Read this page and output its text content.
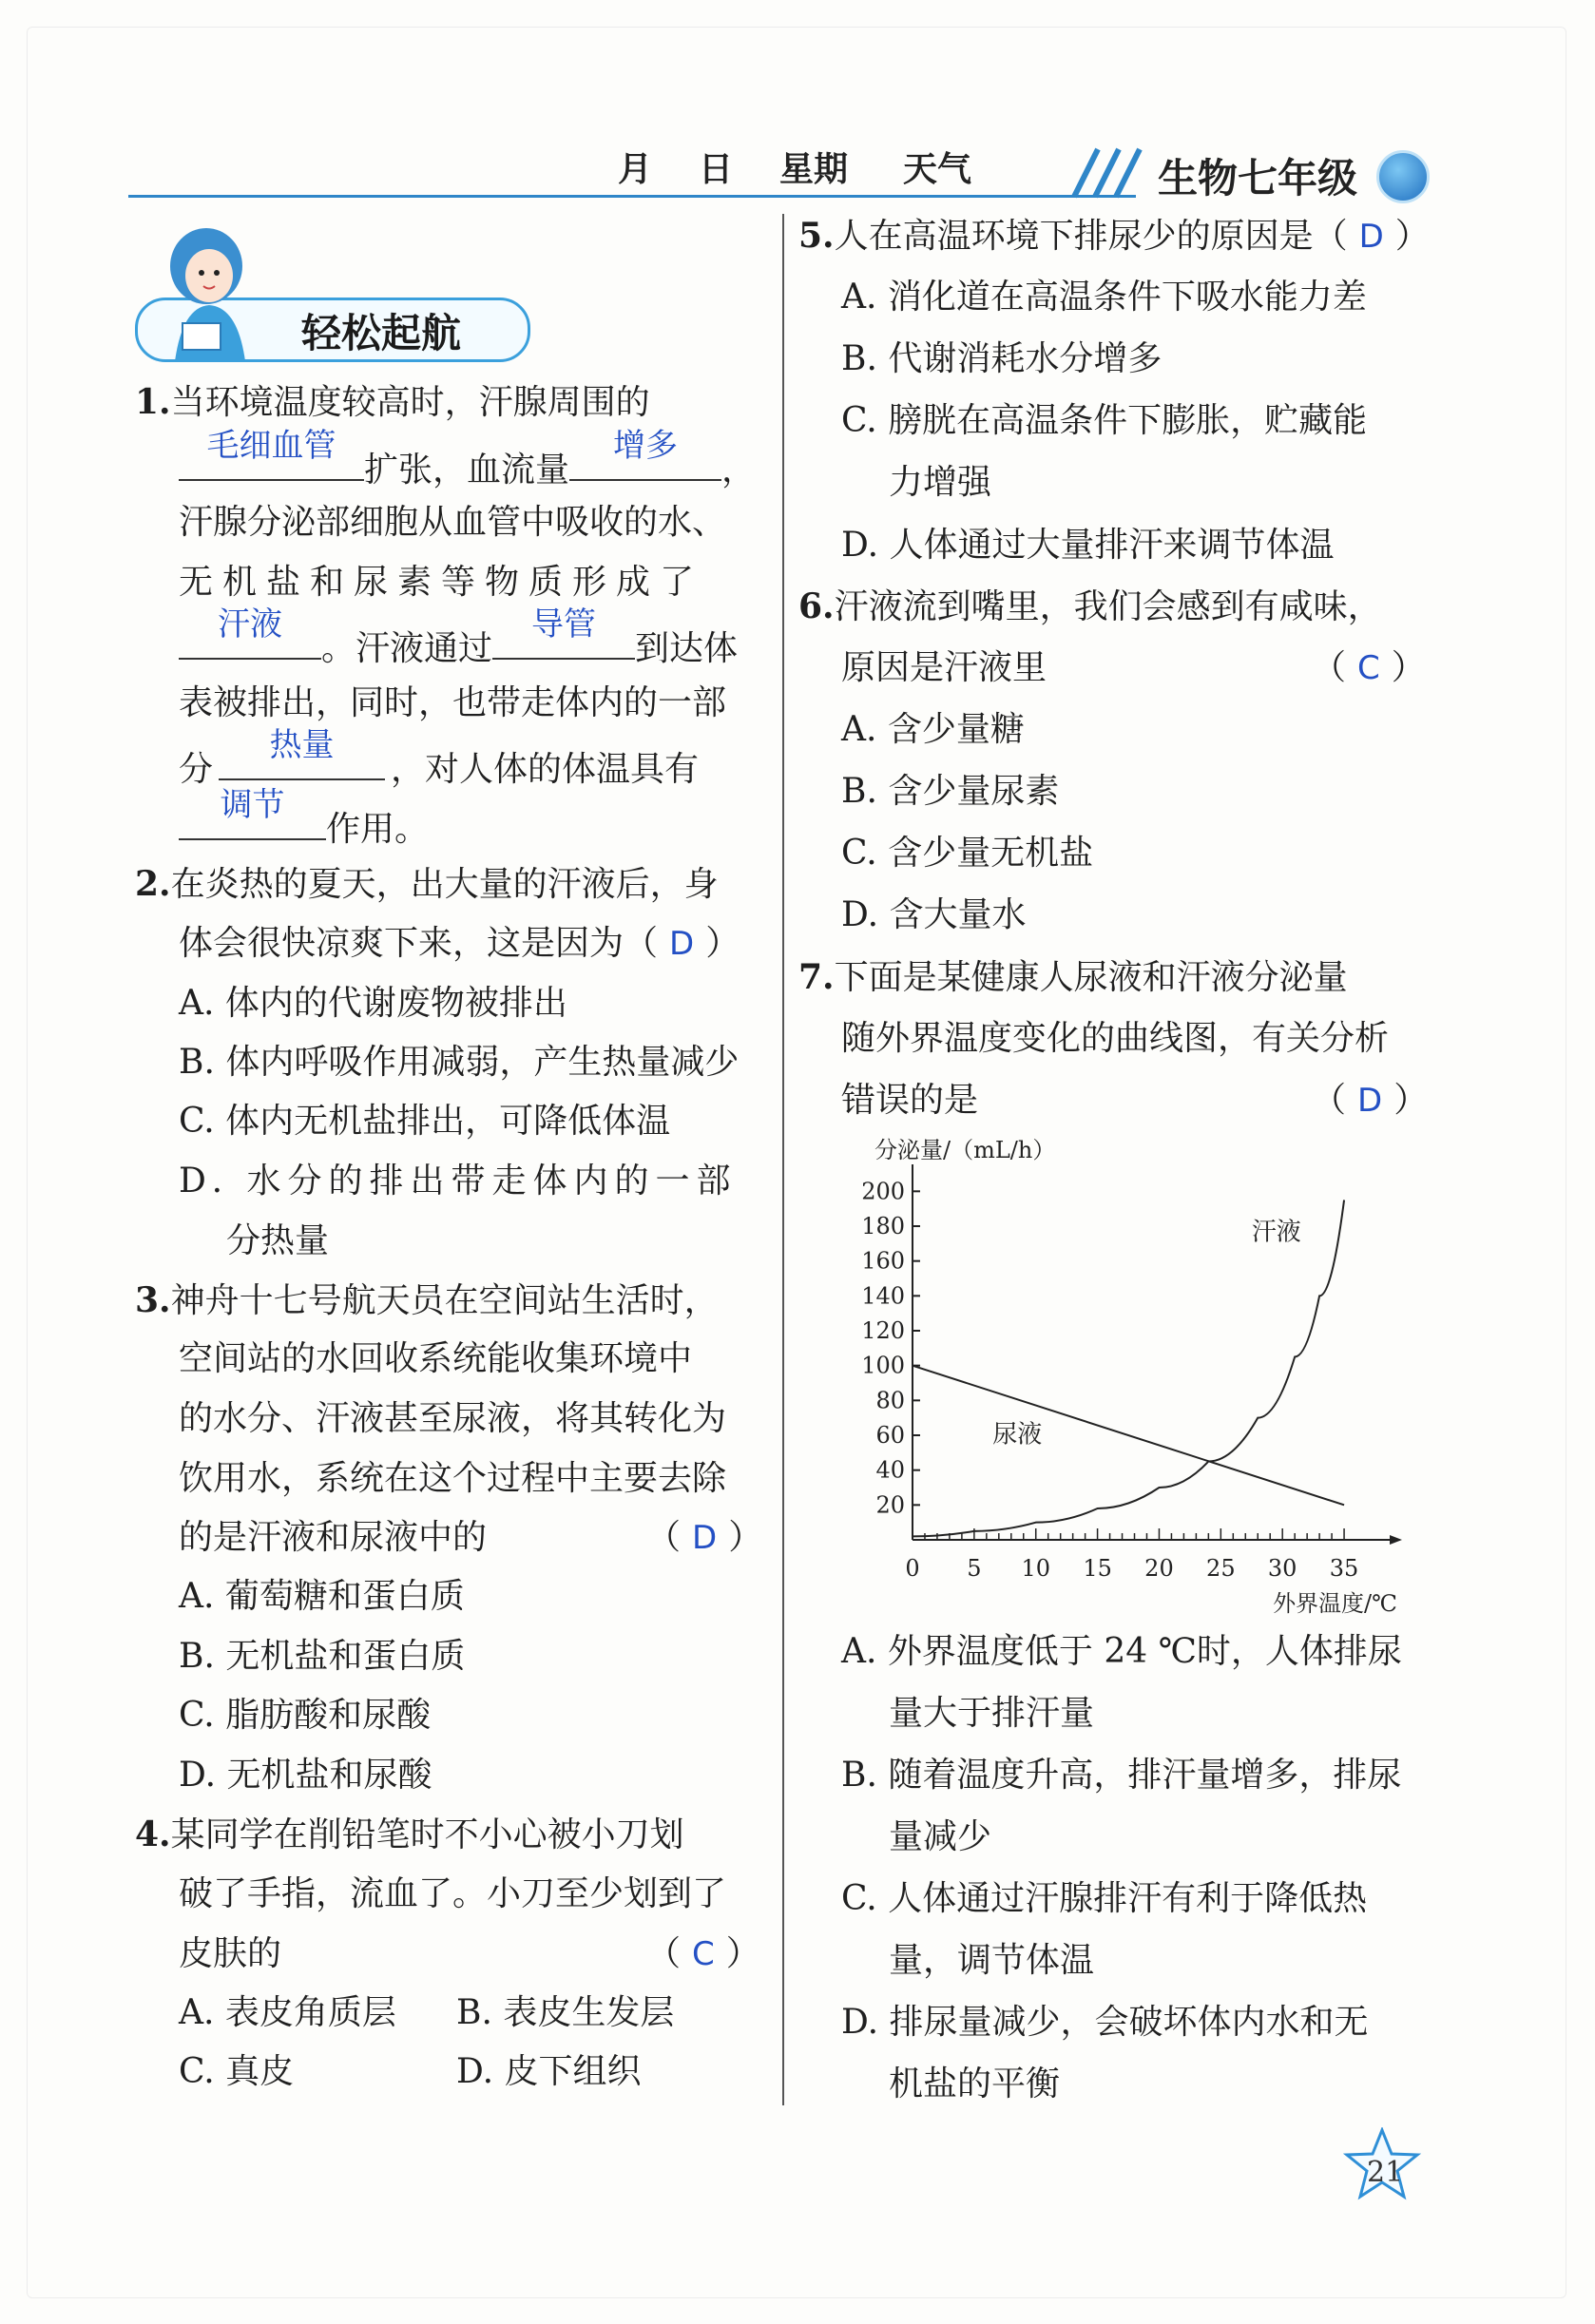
月 日 星期 天气	生物七年级
轻松起航
1.当环境温度较高时，汗腺周围的
毛细血管
扩张，血流量
增多
，
汗腺分泌部细胞从血管中吸收的水、
无机盐和尿素等物质形成了
汗液
。汗液通过
导管
到达体
表被排出，同时，也带走体内的一部
分
热量
，对人体的体温具有
调节
作用。
2.在炎热的夏天，出大量的汗液后，身
体会很快凉爽下来，这是因为（ D ）
A. 体内的代谢废物被排出
B. 体内呼吸作用减弱，产生热量减少
C. 体内无机盐排出，可降低体温
D. 水分的排出带走体内的一部
分热量
3.神舟十七号航天员在空间站生活时，
空间站的水回收系统能收集环境中
的水分、汗液甚至尿液，将其转化为
饮用水，系统在这个过程中主要去除
的是汗液和尿液中的	（ D ）
A. 葡萄糖和蛋白质
B. 无机盐和蛋白质
C. 脂肪酸和尿酸
D. 无机盐和尿酸
4.某同学在削铅笔时不小心被小刀划
破了手指，流血了。小刀至少划到了
皮肤的	（ C ）
A. 表皮角质层 B. 表皮生发层
C. 真皮	D. 皮下组织
5.人在高温环境下排尿少的原因是（ D ）
A. 消化道在高温条件下吸水能力差
B. 代谢消耗水分增多
C. 膀胱在高温条件下膨胀，贮藏能
力增强
D. 人体通过大量排汗来调节体温
6.汗液流到嘴里，我们会感到有咸味，
原因是汗液里	（ C ）
A. 含少量糖
B. 含少量尿素
C. 含少量无机盐
D. 含大量水
7.下面是某健康人尿液和汗液分泌量
随外界温度变化的曲线图，有关分析
错误的是	（ D ）
分泌量/（mL/h）
外界温度/℃
20
40
60
80
100
120
140
160
180
200
0 5 10 15 20 25 30 35
汗液
尿液
A. 外界温度低于 24 ℃时，人体排尿
量大于排汗量
B. 随着温度升高，排汗量增多，排尿
量减少
C. 人体通过汗腺排汗有利于降低热
量，调节体温
D. 排尿量减少，会破坏体内水和无
机盐的平衡
21
